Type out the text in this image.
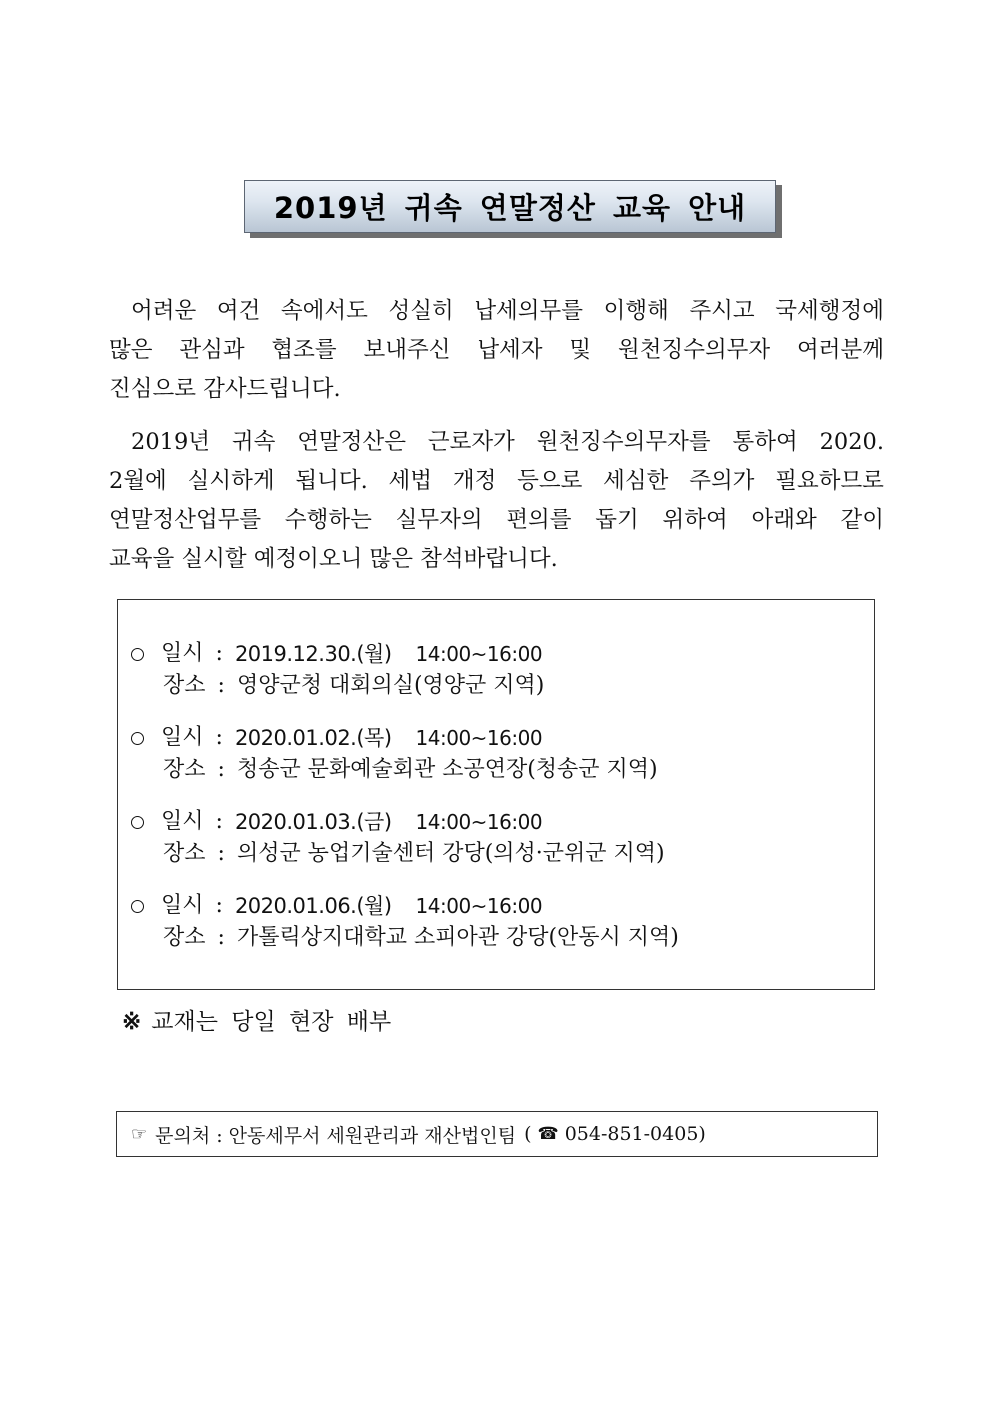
2019년 귀속 연말정산 교육 안내
어려운 여건 속에서도 성실히 납세의무를 이행해 주시고 국세행정에
많은 관심과 협조를 보내주신 납세자 및 원천징수의무자 여러분께
진심으로 감사드립니다.
2019년 귀속 연말정산은 근로자가 원천징수의무자를 통하여 2020.
2월에 실시하게 됩니다. 세법 개정 등으로 세심한 주의가 필요하므로
연말정산업무를 수행하는 실무자의 편의를 돕기 위하여 아래와 같이
교육을 실시할 예정이오니 많은 참석바랍니다.
일시 : 2019.12.30.(월) 14:00~16:00
장소 : 영양군청 대회의실(영양군 지역)
일시 : 2020.01.02.(목) 14:00~16:00
장소 : 청송군 문화예술회관 소공연장(청송군 지역)
일시 : 2020.01.03.(금) 14:00~16:00
장소 : 의성군 농업기술센터 강당(의성·군위군 지역)
일시 : 2020.01.06.(월) 14:00~16:00
장소 : 가톨릭상지대학교 소피아관 강당(안동시 지역)
※ 교재는 당일 현장 배부
☞ 문의처 : 안동세무서 세원관리과 재산법인팀 ( ☎ 054-851-0405 )
